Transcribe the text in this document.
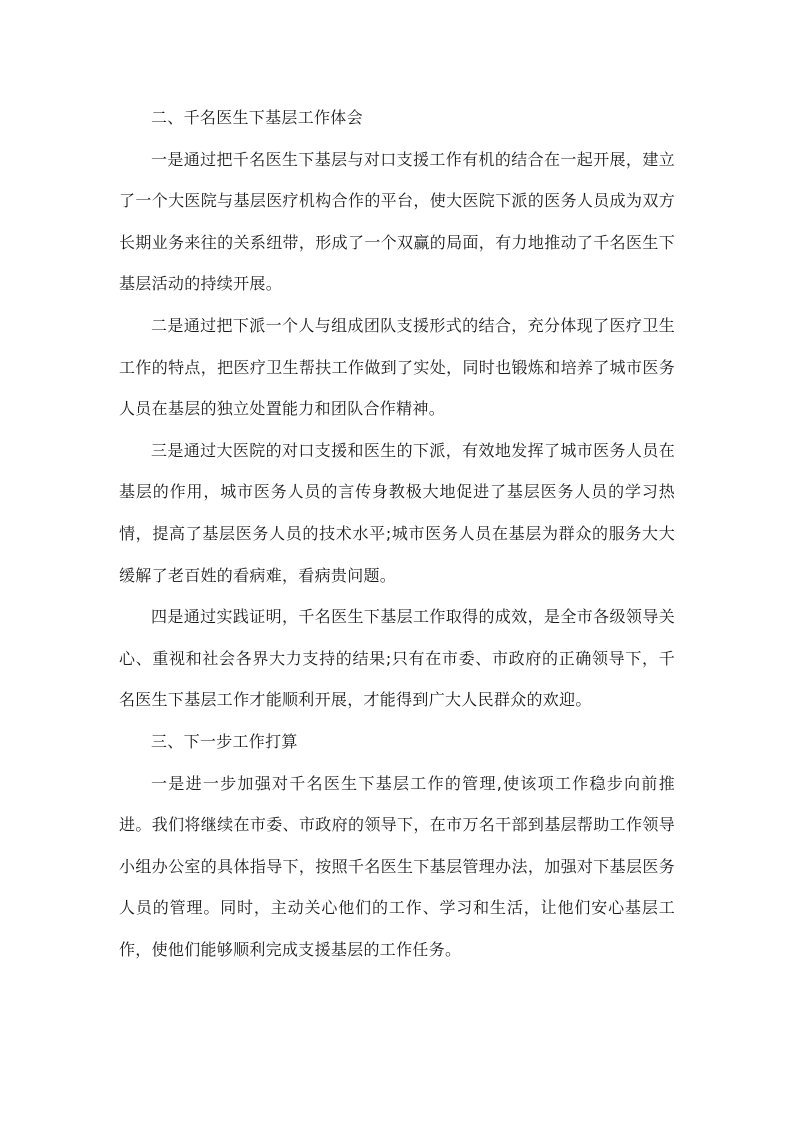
二、千名医生下基层工作体会

一是通过把千名医生下基层与对口支援工作有机的结合在一起开展，建立了一个大医院与基层医疗机构合作的平台，使大医院下派的医务人员成为双方长期业务来往的关系纽带，形成了一个双赢的局面，有力地推动了千名医生下基层活动的持续开展。

二是通过把下派一个人与组成团队支援形式的结合，充分体现了医疗卫生工作的特点，把医疗卫生帮扶工作做到了实处，同时也锻炼和培养了城市医务人员在基层的独立处置能力和团队合作精神。

三是通过大医院的对口支援和医生的下派，有效地发挥了城市医务人员在基层的作用，城市医务人员的言传身教极大地促进了基层医务人员的学习热情，提高了基层医务人员的技术水平;城市医务人员在基层为群众的服务大大缓解了老百姓的看病难，看病贵问题。

四是通过实践证明，千名医生下基层工作取得的成效，是全市各级领导关心、重视和社会各界大力支持的结果;只有在市委、市政府的正确领导下，千名医生下基层工作才能顺利开展，才能得到广大人民群众的欢迎。

三、下一步工作打算

一是进一步加强对千名医生下基层工作的管理,使该项工作稳步向前推进。我们将继续在市委、市政府的领导下，在市万名干部到基层帮助工作领导小组办公室的具体指导下，按照千名医生下基层管理办法，加强对下基层医务人员的管理。同时，主动关心他们的工作、学习和生活，让他们安心基层工作，使他们能够顺利完成支援基层的工作任务。
